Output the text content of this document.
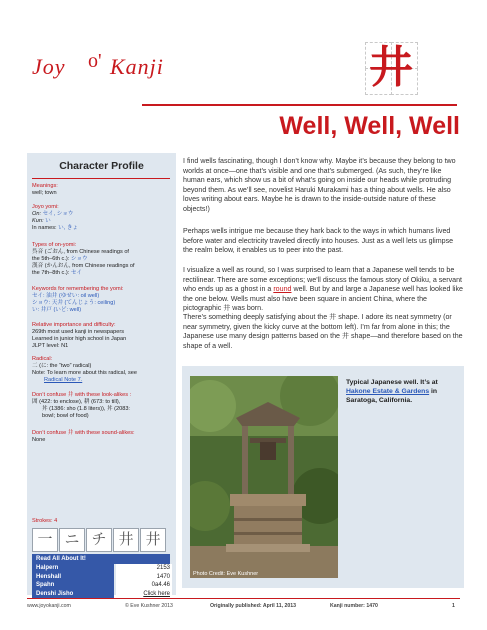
Joy o' Kanji	井
Well, Well, Well
Character Profile
Meanings:
well; town
Joyo yomi:
On: セイ, ショウ
Kun: い
In names: い, きょ
Types of on-yomi:
呉音 (ごおん, from Chinese readings of
the 5th–6th c.): ショウ
漢音 (かんおん, from Chinese readings of
the 7th–8th c.): セイ
Keywords for remembering the yomi:
セイ: 油井 (ゆせい: oil well)
ショウ: 天井 (てんじょう: ceiling)
い: 井戸 (いど: well)
Relative importance and difficulty:
269th most used kanji in newspapers
Learned in junior high school in Japan
JLPT level: N1
Radical:
二 (に: the “two” radical)
Note: To learn more about this radical, see
Radical Note 7.
Don’t confuse 井 with these look-alikes :
囲 (422: to enclose), 耕 (673: to till),
丼 (1386: sho (1.8 liters)), 丼 (2083:
bowl; bowl of food)
Don’t confuse 井 with these sound-alikes:
None
Strokes: 4
一 ニ チ 井 井
Read All About It!
Halpern	2153
Henshall	1470
Spahn	0a4.46
Denshi Jisho	Click here
I find wells fascinating, though I don’t know why. Maybe it’s because they belong to two worlds at once—one that’s visible and one that’s submerged. (As such, they’re like human ears, which show us a bit of what’s going on inside our heads while protruding beyond them. As we’ll see, novelist Haruki Murakami has a thing about wells. He also loves writing about ears. Maybe he is drawn to the inside-outside nature of these objects!)
Perhaps wells intrigue me because they hark back to the ways in which humans lived before water and electricity traveled directly into houses. Just as a well lets us glimpse the realm below, it enables us to peer into the past.
I visualize a well as round, so I was surprised to learn that a Japanese well tends to be rectilinear. There are some exceptions; we’ll discuss the famous story of Okiku, a servant who ends up as a ghost in a round well. But by and large a Japanese well has looked like the one below. Wells must also have been square in ancient China, where the pictographic 井 was born.
There’s something deeply satisfying about the 井 shape. I adore its neat symmetry (or near symmetry, given the kicky curve at the bottom left). I’m far from alone in this; the Japanese use many design patterns based on the 井 shape—and therefore based on the shape of a well.
Photo Credit: Eve Kushner
Typical Japanese well. It’s at Hakone Estate & Gardens in Saratoga, California.
www.joyokanji.com	© Eve Kushner 2013	Originally published: April 11, 2013	Kanji number: 1470	1
